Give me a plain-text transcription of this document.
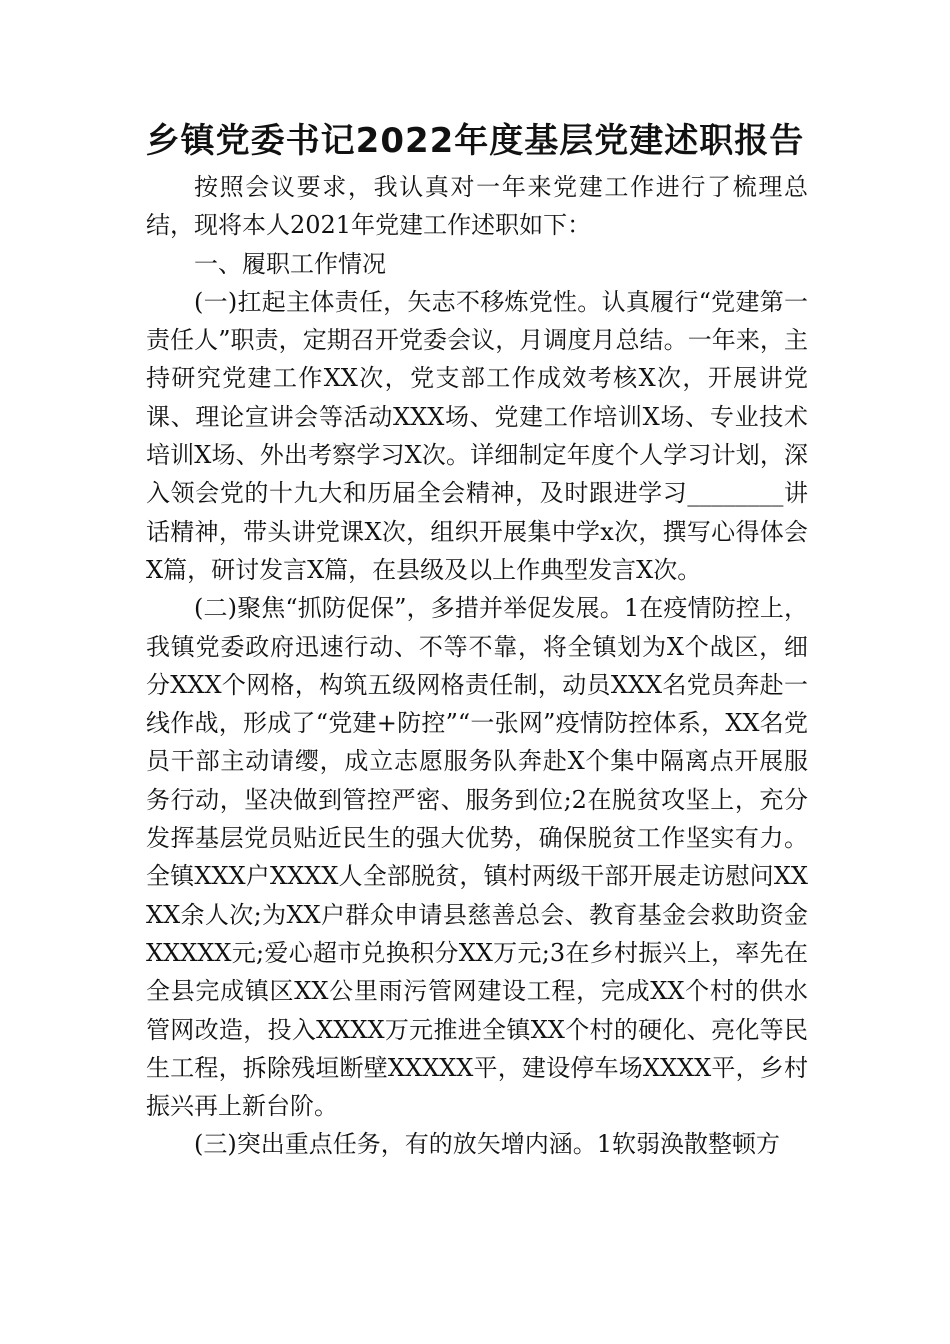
乡镇党委书记2022年度基层党建述职报告

按照会议要求，我认真对一年来党建工作进行了梳理总结，现将本人2021年党建工作述职如下：

一、履职工作情况

(一)扛起主体责任，矢志不移炼党性。认真履行“党建第一责任人”职责，定期召开党委会议，月调度月总结。一年来，主持研究党建工作XX次，党支部工作成效考核X次，开展讲党课、理论宣讲会等活动XXX场、党建工作培训X场、专业技术培训X场、外出考察学习X次。详细制定年度个人学习计划，深入领会党的十九大和历届全会精神，及时跟进学习________讲话精神，带头讲党课X次，组织开展集中学x次，撰写心得体会X篇，研讨发言X篇，在县级及以上作典型发言X次。

(二)聚焦“抓防促保”，多措并举促发展。1在疫情防控上，我镇党委政府迅速行动、不等不靠，将全镇划为X个战区，细分XXX个网格，构筑五级网格责任制，动员XXX名党员奔赴一线作战，形成了“党建+防控”“一张网”疫情防控体系，XX名党员干部主动请缨，成立志愿服务队奔赴X个集中隔离点开展服务行动，坚决做到管控严密、服务到位;2在脱贫攻坚上，充分发挥基层党员贴近民生的强大优势，确保脱贫工作坚实有力。全镇XXX户XXXX人全部脱贫，镇村两级干部开展走访慰问XXXX余人次;为XX户群众申请县慈善总会、教育基金会救助资金XXXXX元;爱心超市兑换积分XX万元;3在乡村振兴上，率先在全县完成镇区XX公里雨污管网建设工程，完成XX个村的供水管网改造，投入XXXX万元推进全镇XX个村的硬化、亮化等民生工程，拆除残垣断壁XXXXX平，建设停车场XXXX平，乡村振兴再上新台阶。

(三)突出重点任务，有的放矢增内涵。1软弱涣散整顿方
